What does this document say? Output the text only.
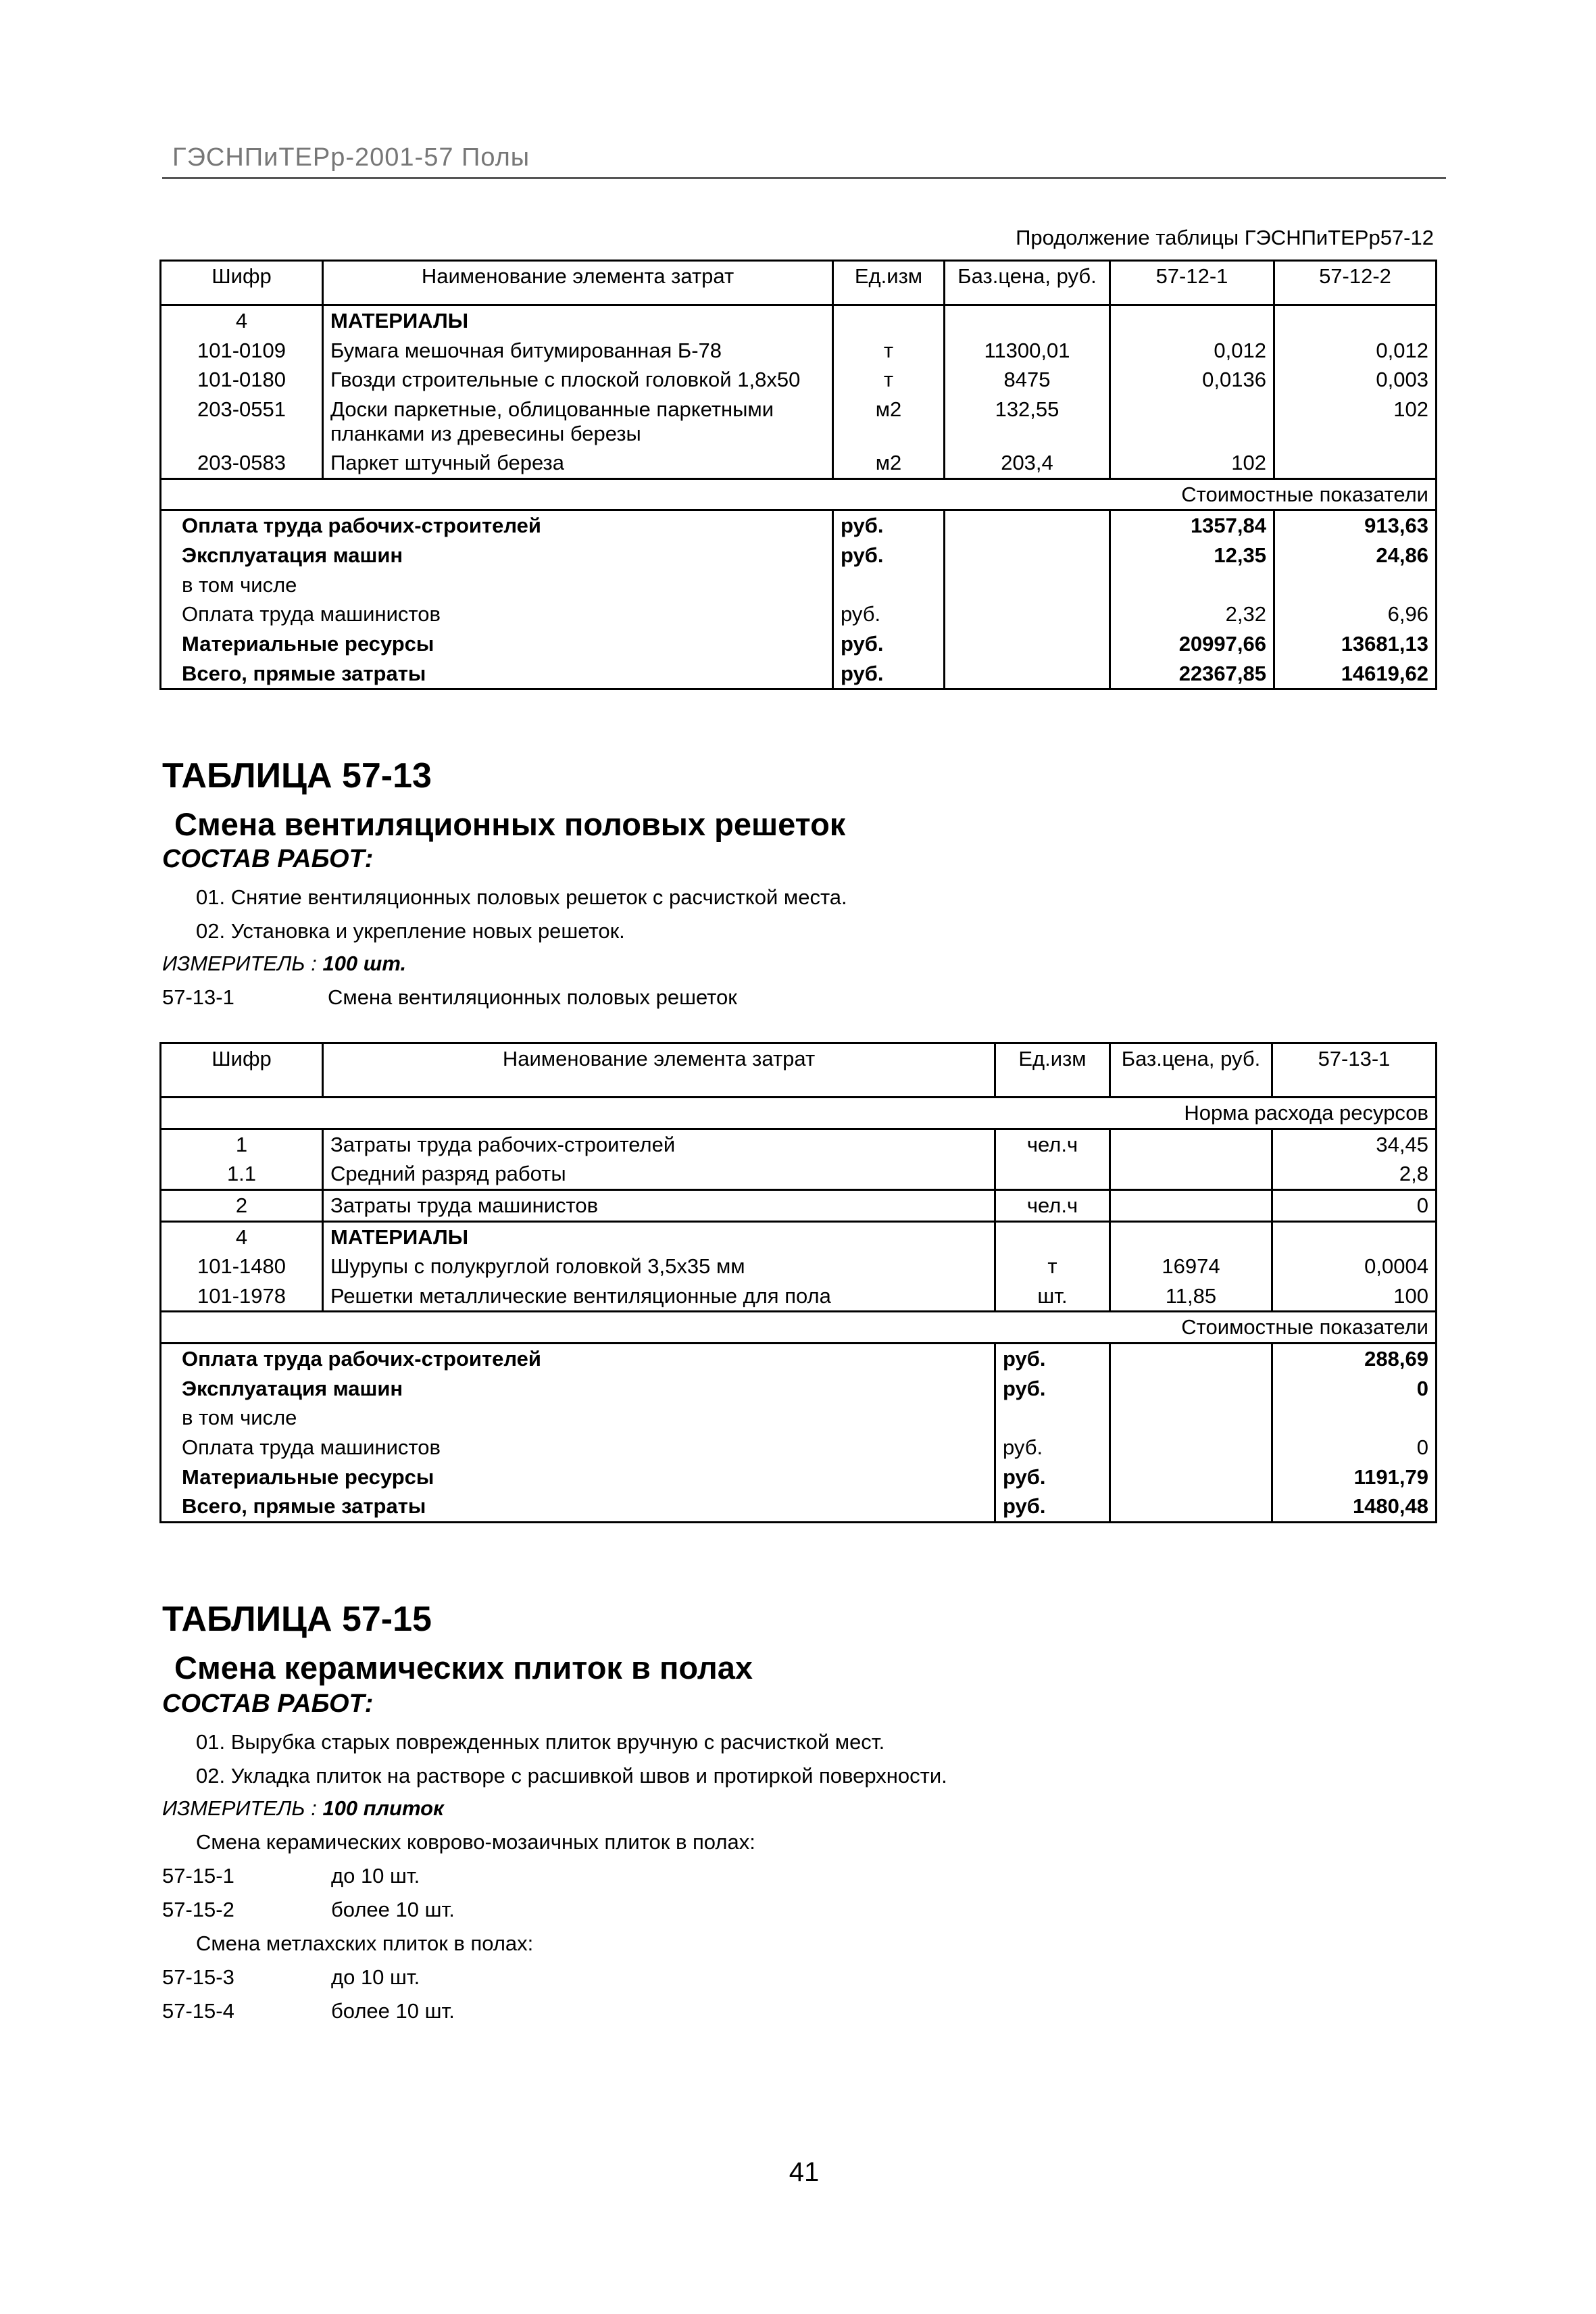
ГЭСНПиТЕРр-2001-57 Полы
Продолжение таблицы ГЭСНПиТЕРр57-12
Шифр	Наименование элемента затрат	Ед.изм	Баз.цена, руб.	57-12-1	57-12-2
4	МАТЕРИАЛЫ				
101-0109	Бумага мешочная битумированная Б-78	т	11300,01	0,012	0,012
101-0180	Гвозди строительные с плоской головкой 1,8х50	т	8475	0,0136	0,003
203-0551	Доски паркетные, облицованные паркетными планками из древесины березы	м2	132,55		102
203-0583	Паркет штучный береза	м2	203,4	102	
Стоимостные показатели					
Оплата труда рабочих-строителей		руб.		1357,84	913,63
Эксплуатация машин		руб.		12,35	24,86
в том числе					
Оплата труда машинистов		руб.		2,32	6,96
Материальные ресурсы		руб.		20997,66	13681,13
Всего, прямые затраты		руб.		22367,85	14619,62
ТАБЛИЦА 57-13
Смена вентиляционных половых решеток
СОСТАВ РАБОТ:
01. Снятие вентиляционных половых решеток с расчисткой места.
02. Установка и укрепление новых решеток.
ИЗМЕРИТЕЛЬ : 100 шт.
57-13-1	Смена вентиляционных половых решеток
Шифр	Наименование элемента затрат	Ед.изм	Баз.цена, руб.	57-13-1
Норма расхода ресурсов				
1	Затраты труда рабочих-строителей	чел.ч		34,45
1.1	Средний разряд работы			2,8
2	Затраты труда машинистов	чел.ч		0
4	МАТЕРИАЛЫ			
101-1480	Шурупы с полукруглой головкой 3,5х35 мм	т	16974	0,0004
101-1978	Решетки металлические вентиляционные для пола	шт.	11,85	100
Стоимостные показатели				
Оплата труда рабочих-строителей		руб.		288,69
Эксплуатация машин		руб.		0
в том числе				
Оплата труда машинистов		руб.		0
Материальные ресурсы		руб.		1191,79
Всего, прямые затраты		руб.		1480,48
ТАБЛИЦА 57-15
Смена керамических плиток в полах
СОСТАВ РАБОТ:
01. Вырубка старых поврежденных плиток вручную с расчисткой мест.
02. Укладка плиток на растворе с расшивкой швов и протиркой поверхности.
ИЗМЕРИТЕЛЬ : 100 плиток
Смена керамических коврово-мозаичных плиток в полах:
57-15-1	до 10 шт.
57-15-2	более 10 шт.
Смена метлахских плиток в полах:
57-15-3	до 10 шт.
57-15-4	более 10 шт.
41
